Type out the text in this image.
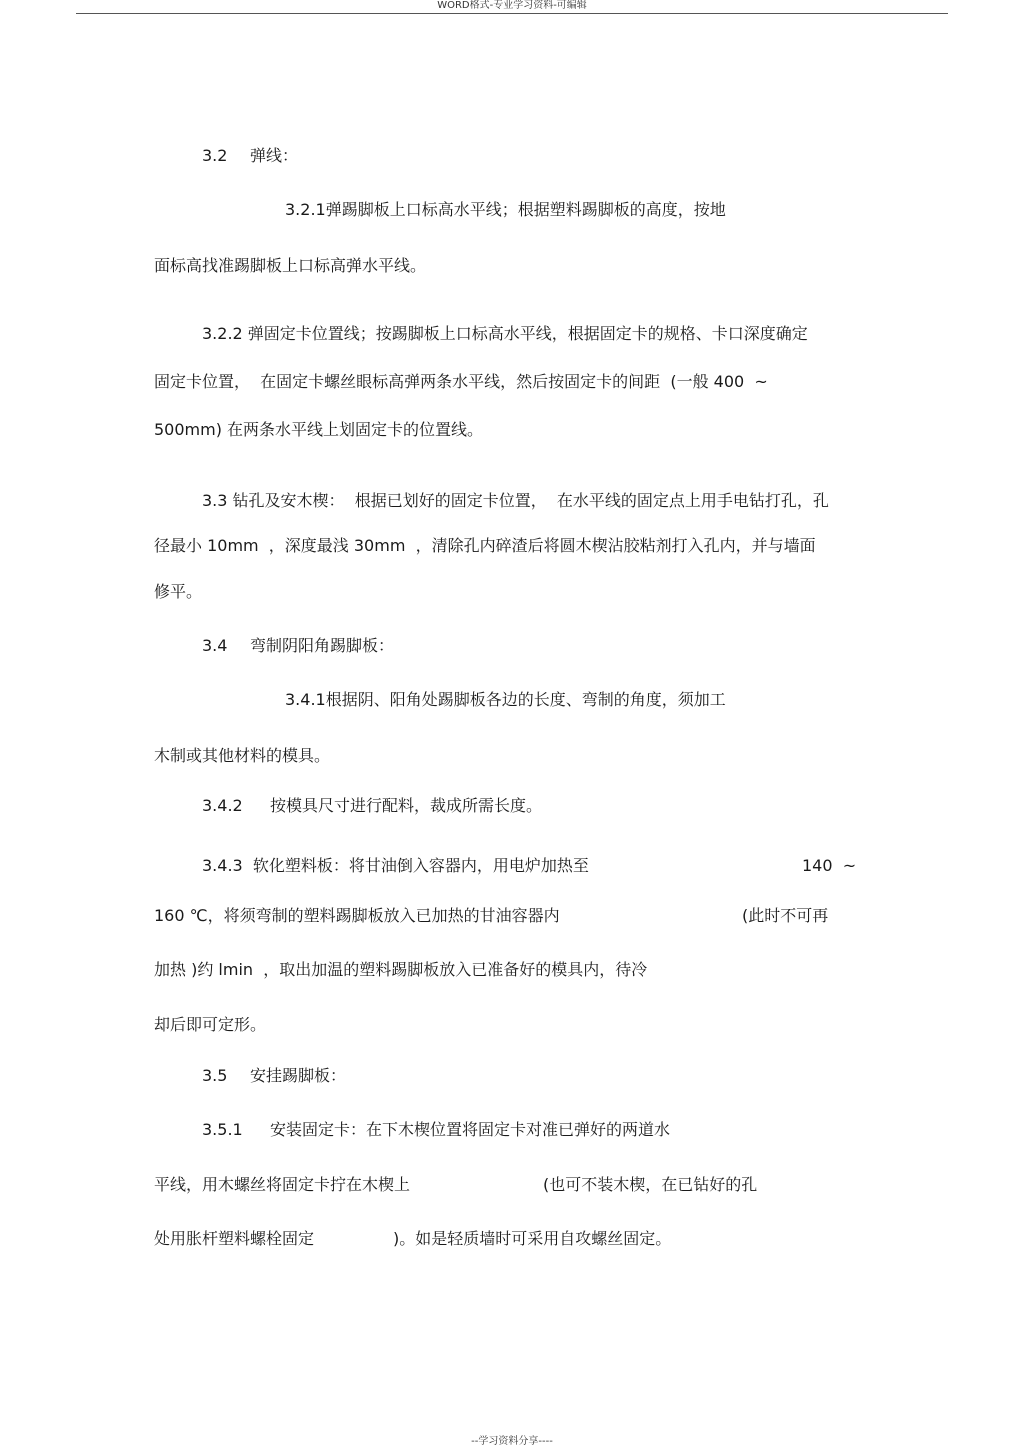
WORD格式-专业学习资料-可编辑
3.2 弹线：
3.2.1弹踢脚板上口标高水平线；根据塑料踢脚板的高度，按地
面标高找准踢脚板上口标高弹水平线。
3.2.2 弹固定卡位置线；按踢脚板上口标高水平线，根据固定卡的规格、卡口深度确定
固定卡位置，  在固定卡螺丝眼标高弹两条水平线，然后按固定卡的间距  (一般 400  ~
500mm) 在两条水平线上划固定卡的位置线。
3.3 钻孔及安木楔：  根据已划好的固定卡位置，  在水平线的固定点上用手电钻打孔，孔
径最小 10mm  ，深度最浅 30mm  ，清除孔内碎渣后将圆木楔沾胶粘剂打入孔内，并与墙面
修平。
3.4 弯制阴阳角踢脚板：
3.4.1根据阴、阳角处踢脚板各边的长度、弯制的角度，须加工
木制或其他材料的模具。
3.4.2 按模具尺寸进行配料，裁成所需长度。
3.4.3  软化塑料板：将甘油倒入容器内，用电炉加热至	140  ~
160 ℃，将须弯制的塑料踢脚板放入已加热的甘油容器内	(此时不可再
加热 )约 lmin  ，取出加温的塑料踢脚板放入已准备好的模具内，待冷
却后即可定形。
3.5 安挂踢脚板：
3.5.1 安装固定卡：在下木楔位置将固定卡对准已弹好的两道水
平线，用木螺丝将固定卡拧在木楔上	(也可不装木楔，在已钻好的孔
处用胀杆塑料螺栓固定	)。如是轻质墙时可采用自攻螺丝固定。
--学习资料分享----
